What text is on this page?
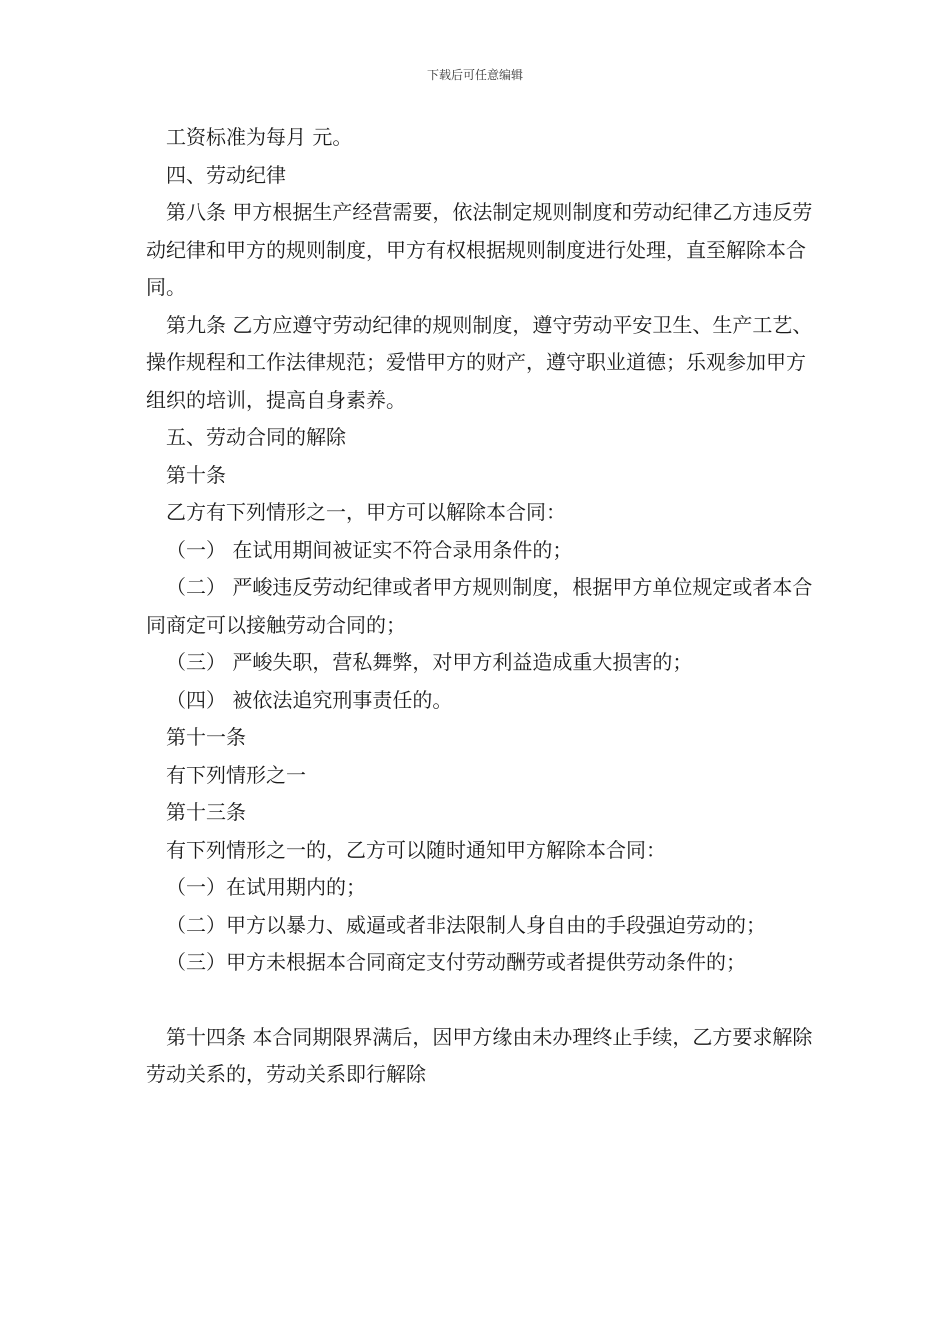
下载后可任意编辑

工资标准为每月 元。

四、劳动纪律

第八条 甲方根据生产经营需要，依法制定规则制度和劳动纪律乙方违反劳动纪律和甲方的规则制度，甲方有权根据规则制度进行处理，直至解除本合同。

第九条 乙方应遵守劳动纪律的规则制度，遵守劳动平安卫生、生产工艺、操作规程和工作法律规范；爱惜甲方的财产，遵守职业道德；乐观参加甲方组织的培训，提高自身素养。

五、劳动合同的解除

第十条

乙方有下列情形之一，甲方可以解除本合同：

（一） 在试用期间被证实不符合录用条件的；

（二） 严峻违反劳动纪律或者甲方规则制度，根据甲方单位规定或者本合同商定可以接触劳动合同的；

（三） 严峻失职，营私舞弊，对甲方利益造成重大损害的；

（四） 被依法追究刑事责任的。

第十一条

有下列情形之一

第十三条

有下列情形之一的，乙方可以随时通知甲方解除本合同：

（一）在试用期内的；

（二）甲方以暴力、威逼或者非法限制人身自由的手段强迫劳动的；

（三）甲方未根据本合同商定支付劳动酬劳或者提供劳动条件的；

第十四条 本合同期限界满后，因甲方缘由未办理终止手续，乙方要求解除劳动关系的，劳动关系即行解除
